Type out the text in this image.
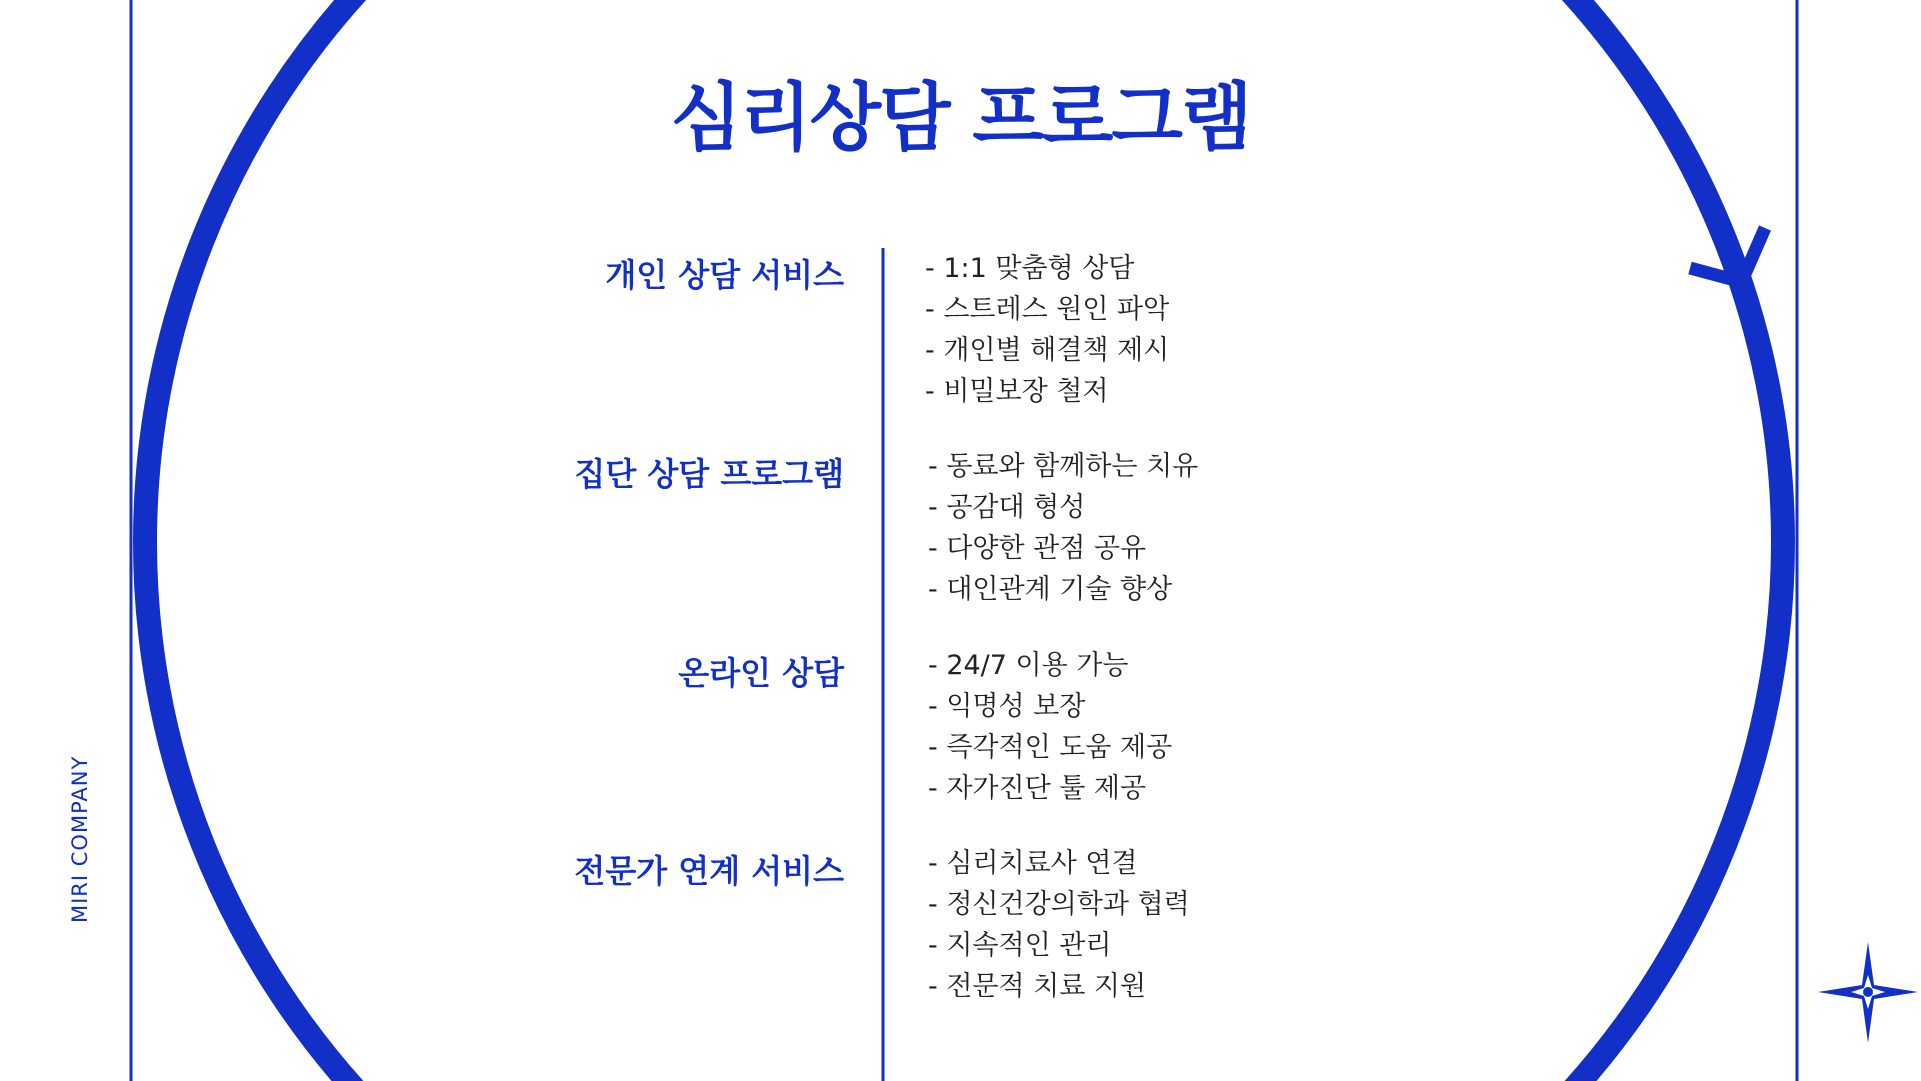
심리상담 프로그램
MIRI COMPANY
개인 상담 서비스	- 1:1 맞춤형 상담
- 스트레스 원인 파악
- 개인별 해결책 제시
- 비밀보장 철저
집단 상담 프로그램	- 동료와 함께하는 치유
- 공감대 형성
- 다양한 관점 공유
- 대인관계 기술 향상
온라인 상담	- 24/7 이용 가능
- 익명성 보장
- 즉각적인 도움 제공
- 자가진단 툴 제공
전문가 연계 서비스	- 심리치료사 연결
- 정신건강의학과 협력
- 지속적인 관리
- 전문적 치료 지원
